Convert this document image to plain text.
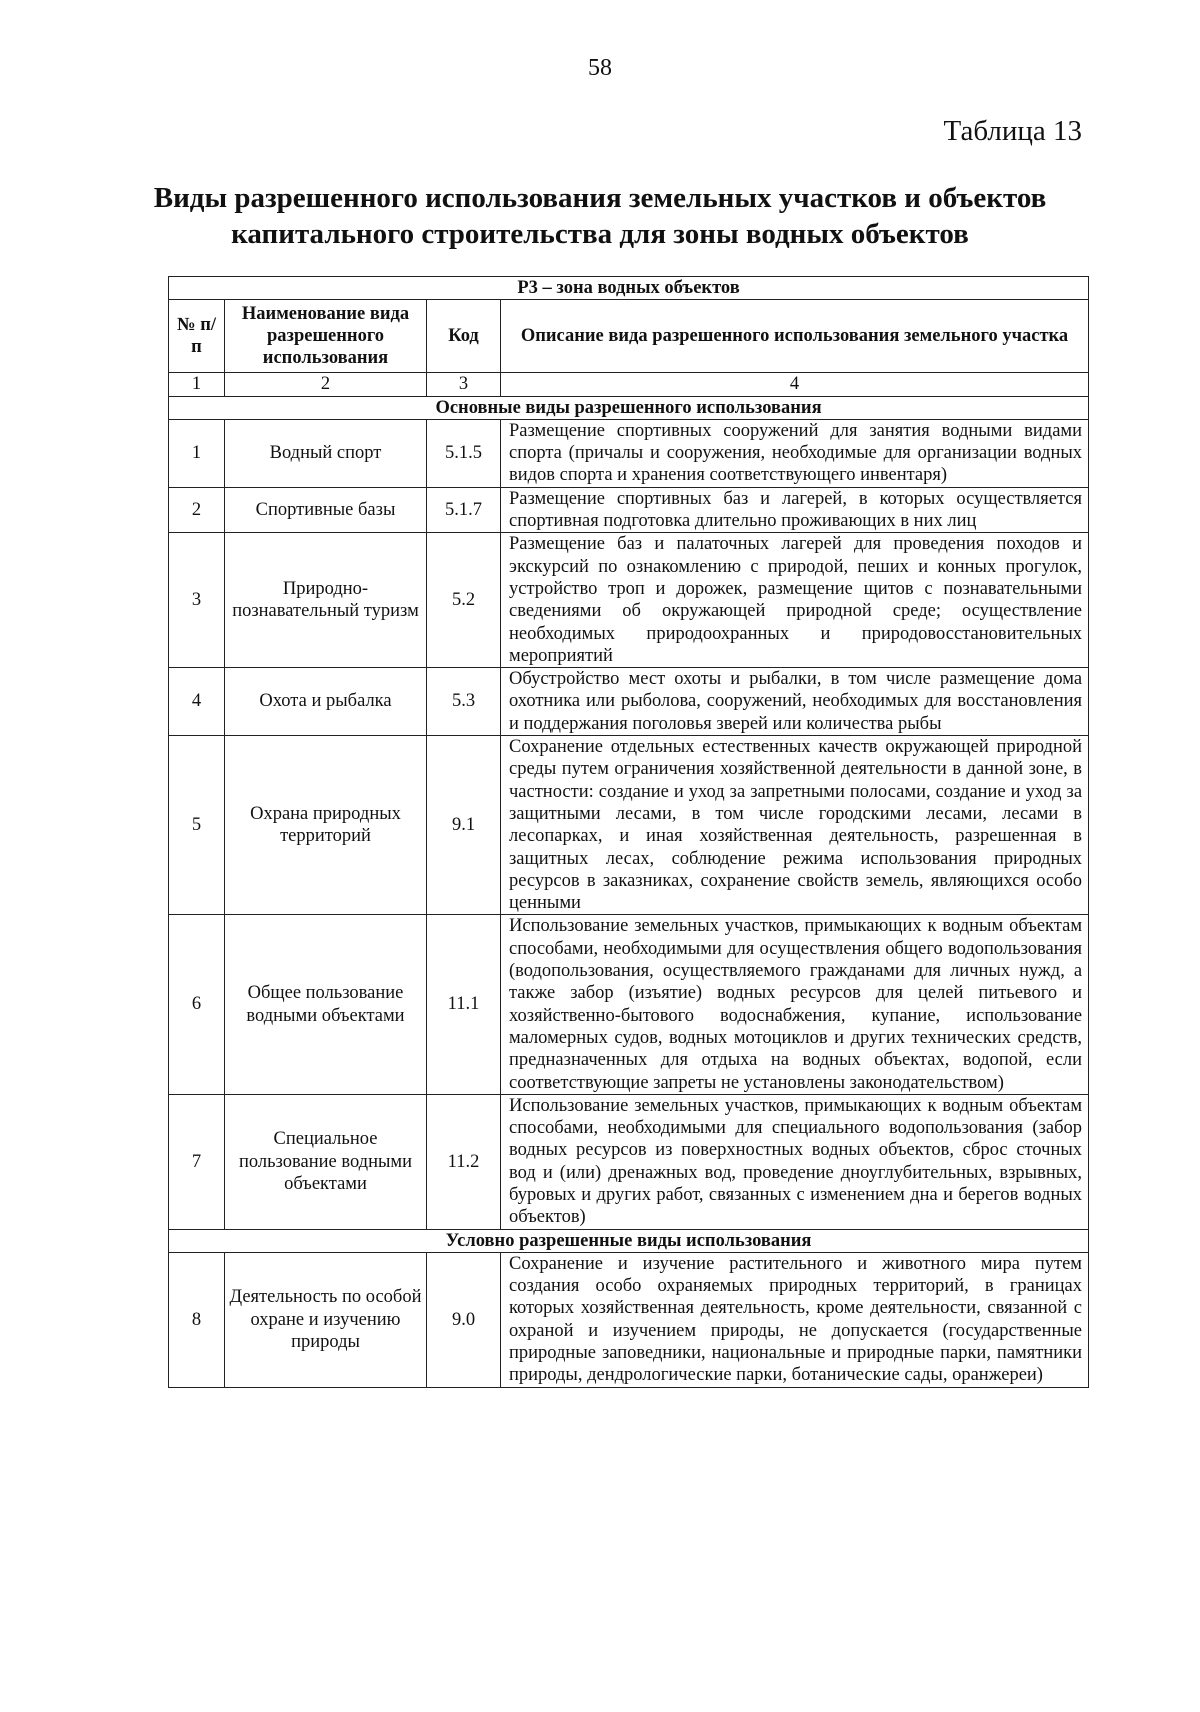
58
Таблица 13
Виды разрешенного использования земельных участков и объектов
капитального строительства для зоны водных объектов
Р3 – зона водных объектов			
№ п/п	Наименование вида разрешенного использования	Код	Описание вида разрешенного использования земельного участка
1	2	3	4
Основные виды разрешенного использования			
1	Водный спорт	5.1.5	Размещение спортивных сооружений для занятия водными видами спорта (причалы и сооружения, необходимые для организации водных видов спорта и хранения соответствующего инвентаря)
2	Спортивные базы	5.1.7	Размещение спортивных баз и лагерей, в которых осуществляется спортивная подготовка длительно проживающих в них лиц
3	Природно-познавательный туризм	5.2	Размещение баз и палаточных лагерей для проведения походов и экскурсий по ознакомлению с природой, пеших и конных прогулок, устройство троп и дорожек, размещение щитов с познавательными сведениями об окружающей природной среде; осуществление необходимых природоохранных и природовосстановительных мероприятий
4	Охота и рыбалка	5.3	Обустройство мест охоты и рыбалки, в том числе размещение дома охотника или рыболова, сооружений, необходимых для восстановления и поддержания поголовья зверей или количества рыбы
5	Охрана природных территорий	9.1	Сохранение отдельных естественных качеств окружающей природной среды путем ограничения хозяйственной деятельности в данной зоне, в частности: создание и уход за запретными полосами, создание и уход за защитными лесами, в том числе городскими лесами, лесами в лесопарках, и иная хозяйственная деятельность, разрешенная в защитных лесах, соблюдение режима использования природных ресурсов в заказниках, сохранение свойств земель, являющихся особо ценными
6	Общее пользование водными объектами	11.1	Использование земельных участков, примыкающих к водным объектам способами, необходимыми для осуществления общего водопользования (водопользования, осуществляемого гражданами для личных нужд, а также забор (изъятие) водных ресурсов для целей питьевого и хозяйственно-бытового водоснабжения, купание, использование маломерных судов, водных мотоциклов и других технических средств, предназначенных для отдыха на водных объектах, водопой, если соответствующие запреты не установлены законодательством)
7	Специальное пользование водными объектами	11.2	Использование земельных участков, примыкающих к водным объектам способами, необходимыми для специального водопользования (забор водных ресурсов из поверхностных водных объектов, сброс сточных вод и (или) дренажных вод, проведение дноуглубительных, взрывных, буровых и других работ, связанных с изменением дна и берегов водных объектов)
Условно разрешенные виды использования			
8	Деятельность по особой охране и изучению природы	9.0	Сохранение и изучение растительного и животного мира путем создания особо охраняемых природных территорий, в границах которых хозяйственная деятельность, кроме деятельности, связанной с охраной и изучением природы, не допускается (государственные природные заповедники, национальные и природные парки, памятники природы, дендрологические парки, ботанические сады, оранжереи)
